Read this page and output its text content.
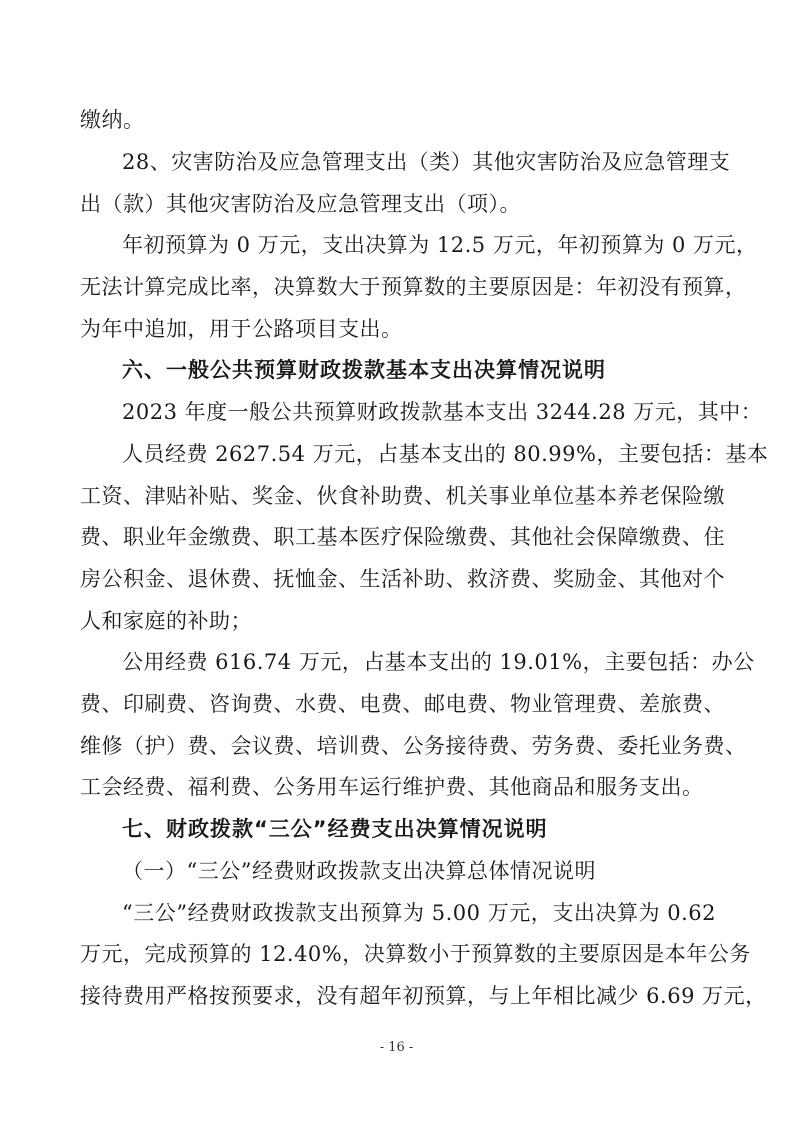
缴纳。
28、灾害防治及应急管理支出（类）其他灾害防治及应急管理支
出（款）其他灾害防治及应急管理支出（项）。
年初预算为 0 万元，支出决算为 12.5 万元，年初预算为 0 万元，
无法计算完成比率，决算数大于预算数的主要原因是：年初没有预算，
为年中追加，用于公路项目支出。
六、一般公共预算财政拨款基本支出决算情况说明
2023 年度一般公共预算财政拨款基本支出 3244.28 万元，其中：
人员经费 2627.54 万元，占基本支出的 80.99%，主要包括：基本
工资、津贴补贴、奖金、伙食补助费、机关事业单位基本养老保险缴
费、职业年金缴费、职工基本医疗保险缴费、其他社会保障缴费、住
房公积金、退休费、抚恤金、生活补助、救济费、奖励金、其他对个
人和家庭的补助；
公用经费 616.74 万元，占基本支出的 19.01%，主要包括：办公
费、印刷费、咨询费、水费、电费、邮电费、物业管理费、差旅费、
维修（护）费、会议费、培训费、公务接待费、劳务费、委托业务费、
工会经费、福利费、公务用车运行维护费、其他商品和服务支出。
七、财政拨款“三公”经费支出决算情况说明
（一）“三公”经费财政拨款支出决算总体情况说明
“三公”经费财政拨款支出预算为 5.00 万元，支出决算为 0.62
万元，完成预算的 12.40%，决算数小于预算数的主要原因是本年公务
接待费用严格按预要求，没有超年初预算，与上年相比减少 6.69 万元，
- 16 -
